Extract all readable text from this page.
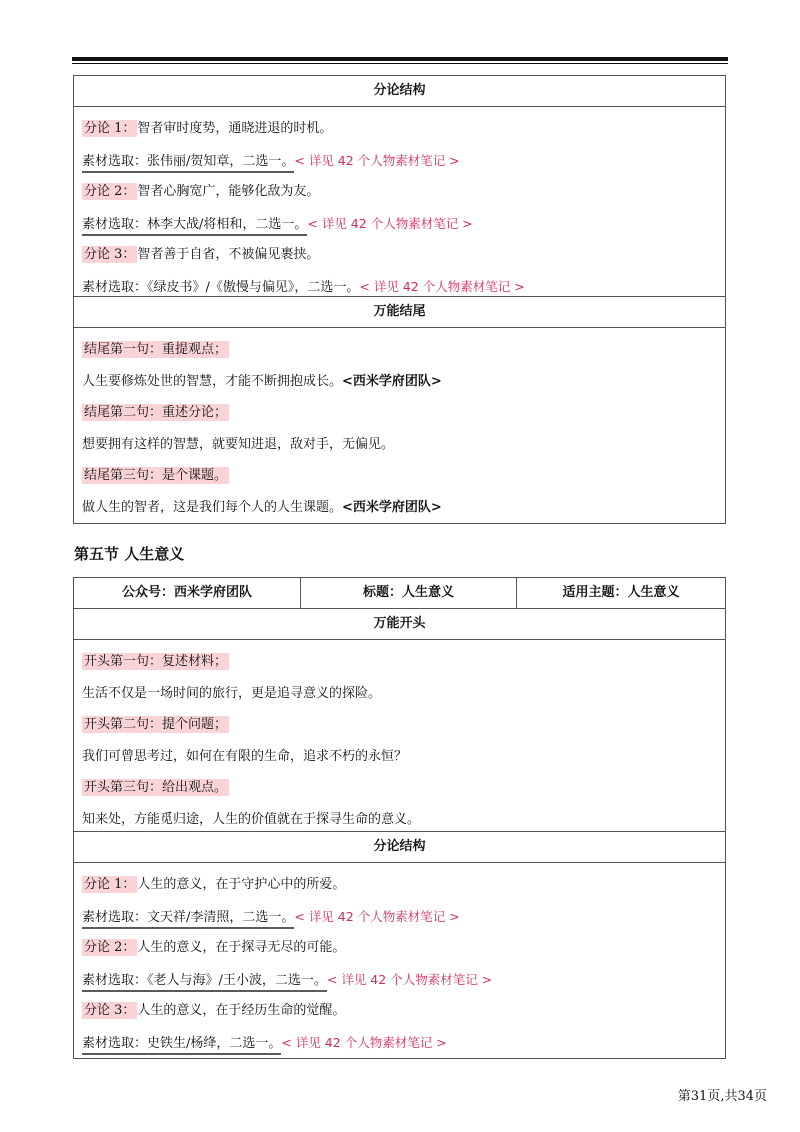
分论结构
分论 1： 智者审时度势，通晓进退的时机。
素材选取：张伟丽/贺知章，二选一。< 详见 42 个人物素材笔记 >
分论 2： 智者心胸宽广，能够化敌为友。
素材选取：林李大战/将相和，二选一。< 详见 42 个人物素材笔记 >
分论 3： 智者善于自省，不被偏见裹挟。
素材选取：《绿皮书》/《傲慢与偏见》，二选一。< 详见 42 个人物素材笔记 >
万能结尾
结尾第一句：重提观点；
人生要修炼处世的智慧，才能不断拥抱成长。<西米学府团队>
结尾第二句：重述分论；
想要拥有这样的智慧，就要知进退，敌对手，无偏见。
结尾第三句：是个课题。
做人生的智者，这是我们每个人的人生课题。<西米学府团队>
第五节 人生意义
公众号：西米学府团队	标题：人生意义	适用主题：人生意义
万能开头
开头第一句：复述材料；
生活不仅是一场时间的旅行，更是追寻意义的探险。
开头第二句：提个问题；
我们可曾思考过，如何在有限的生命，追求不朽的永恒？
开头第三句：给出观点。
知来处，方能觅归途，人生的价值就在于探寻生命的意义。
分论结构
分论 1： 人生的意义，在于守护心中的所爱。
素材选取：文天祥/李清照，二选一。< 详见 42 个人物素材笔记 >
分论 2： 人生的意义，在于探寻无尽的可能。
素材选取：《老人与海》/王小波，二选一。< 详见 42 个人物素材笔记 >
分论 3： 人生的意义，在于经历生命的觉醒。
素材选取：史铁生/杨绛，二选一。< 详见 42 个人物素材笔记 >
第31页,共34页
